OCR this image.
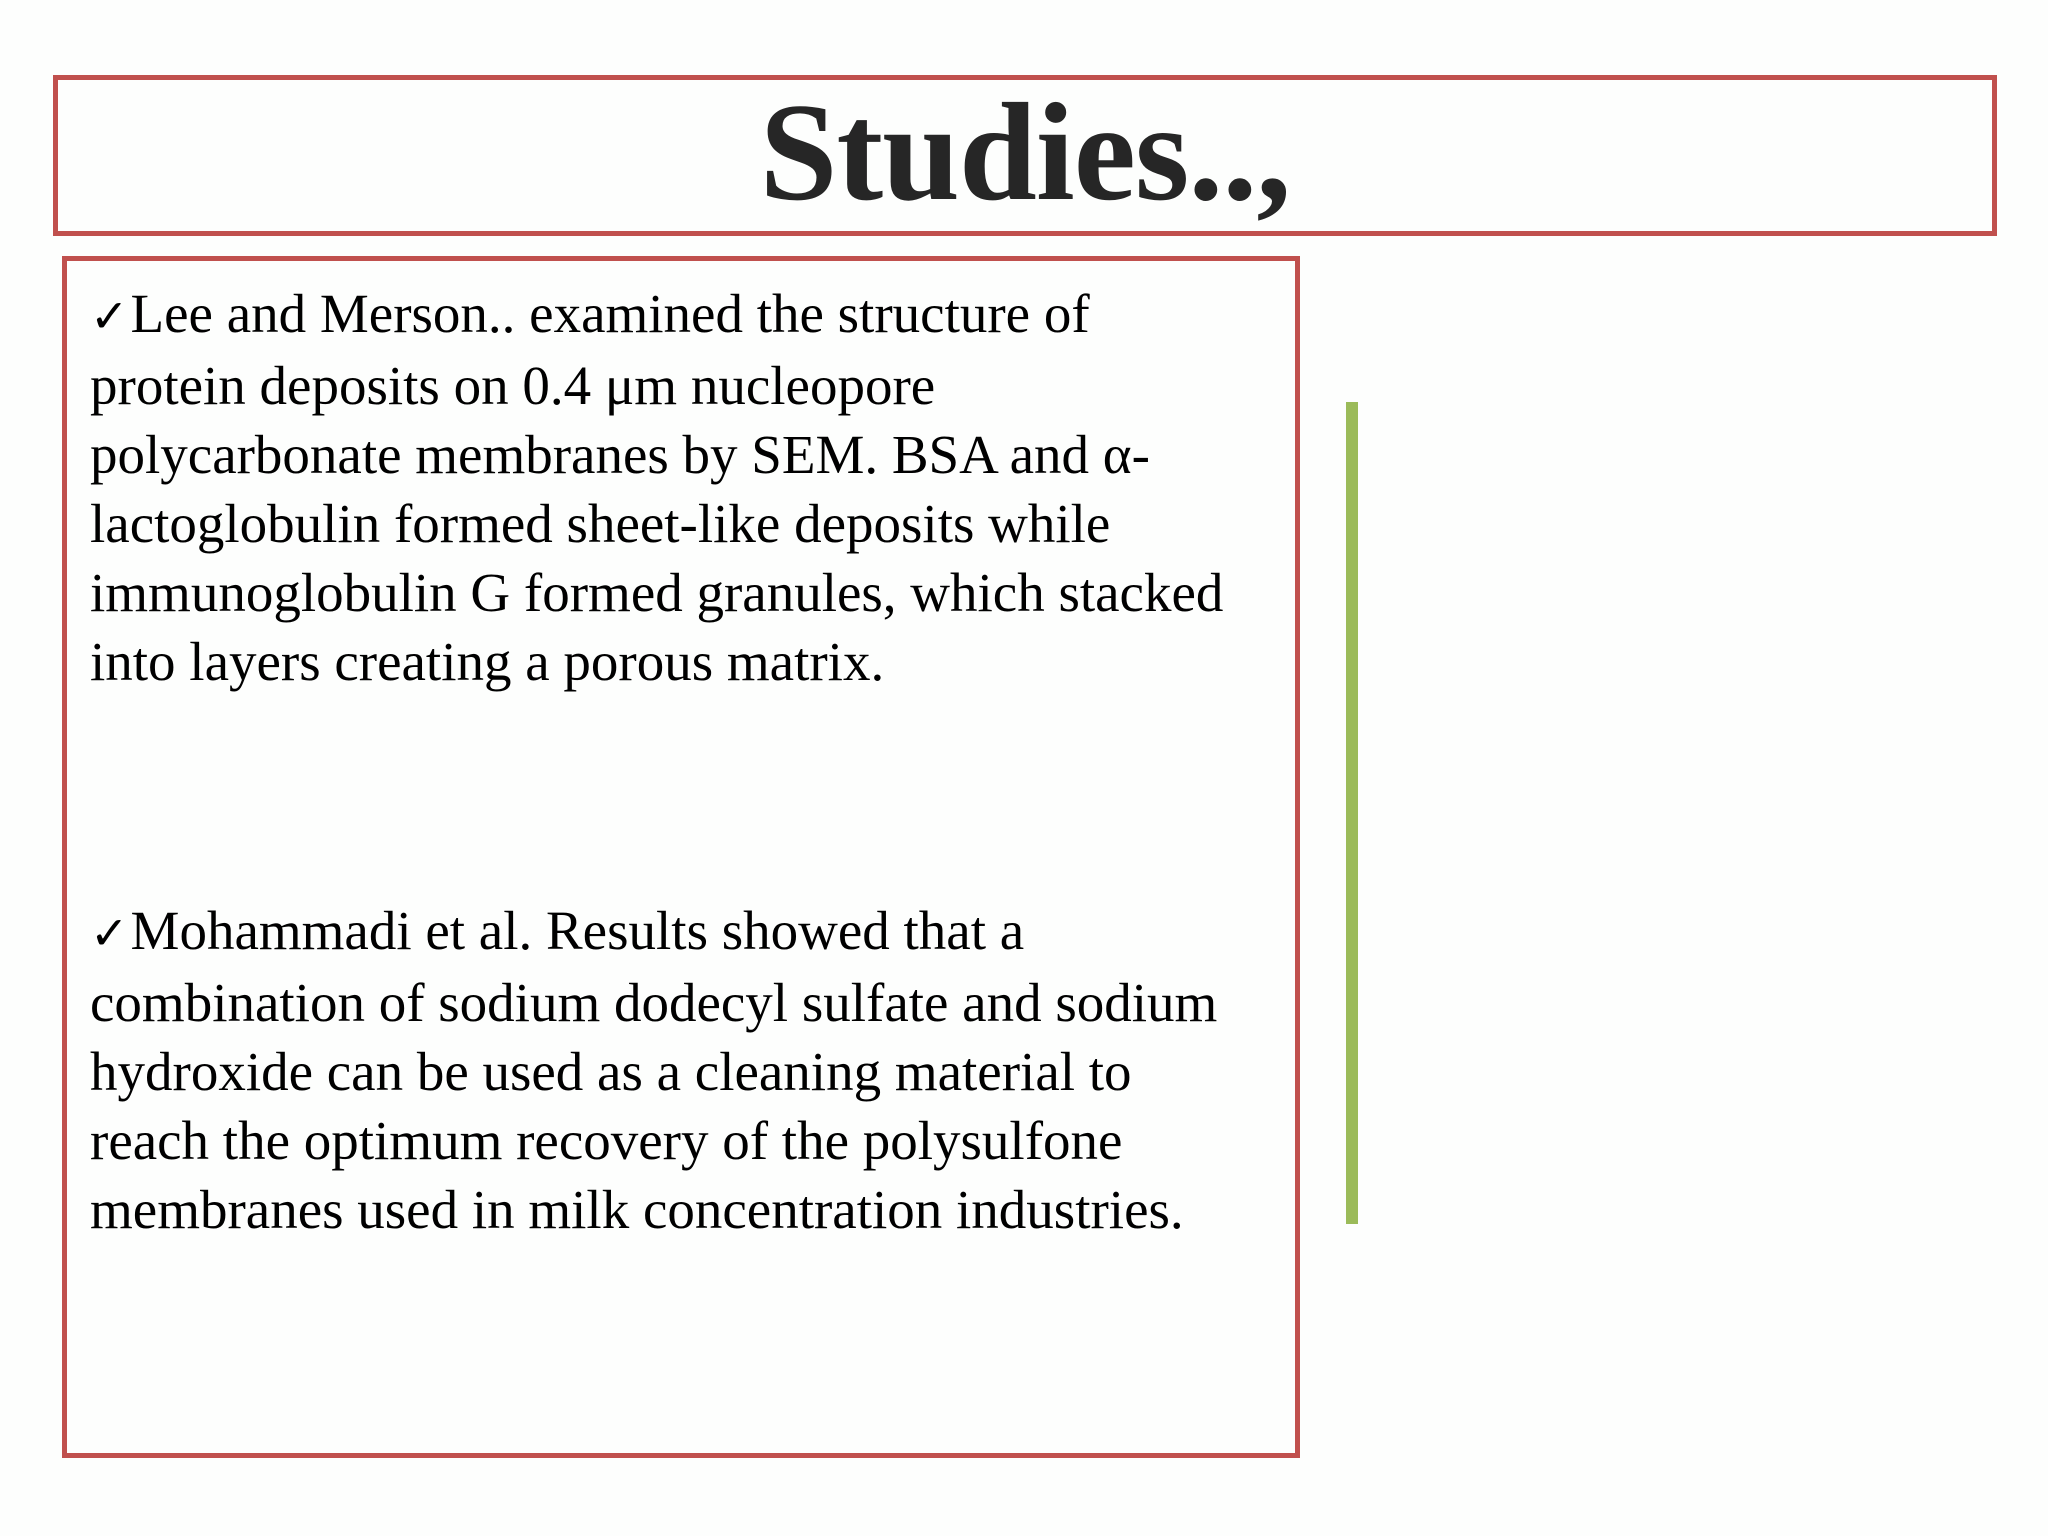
Studies..,

✓Lee and Merson.. examined the structure of
protein deposits on 0.4 μm nucleopore
polycarbonate membranes by SEM. BSA and α-
lactoglobulin formed sheet-like deposits while
immunoglobulin G formed granules, which stacked
into layers creating a porous matrix.

✓Mohammadi et al. Results showed that a
combination of sodium dodecyl sulfate and sodium
hydroxide can be used as a cleaning material to
reach the optimum recovery of the polysulfone
membranes used in milk concentration industries.
